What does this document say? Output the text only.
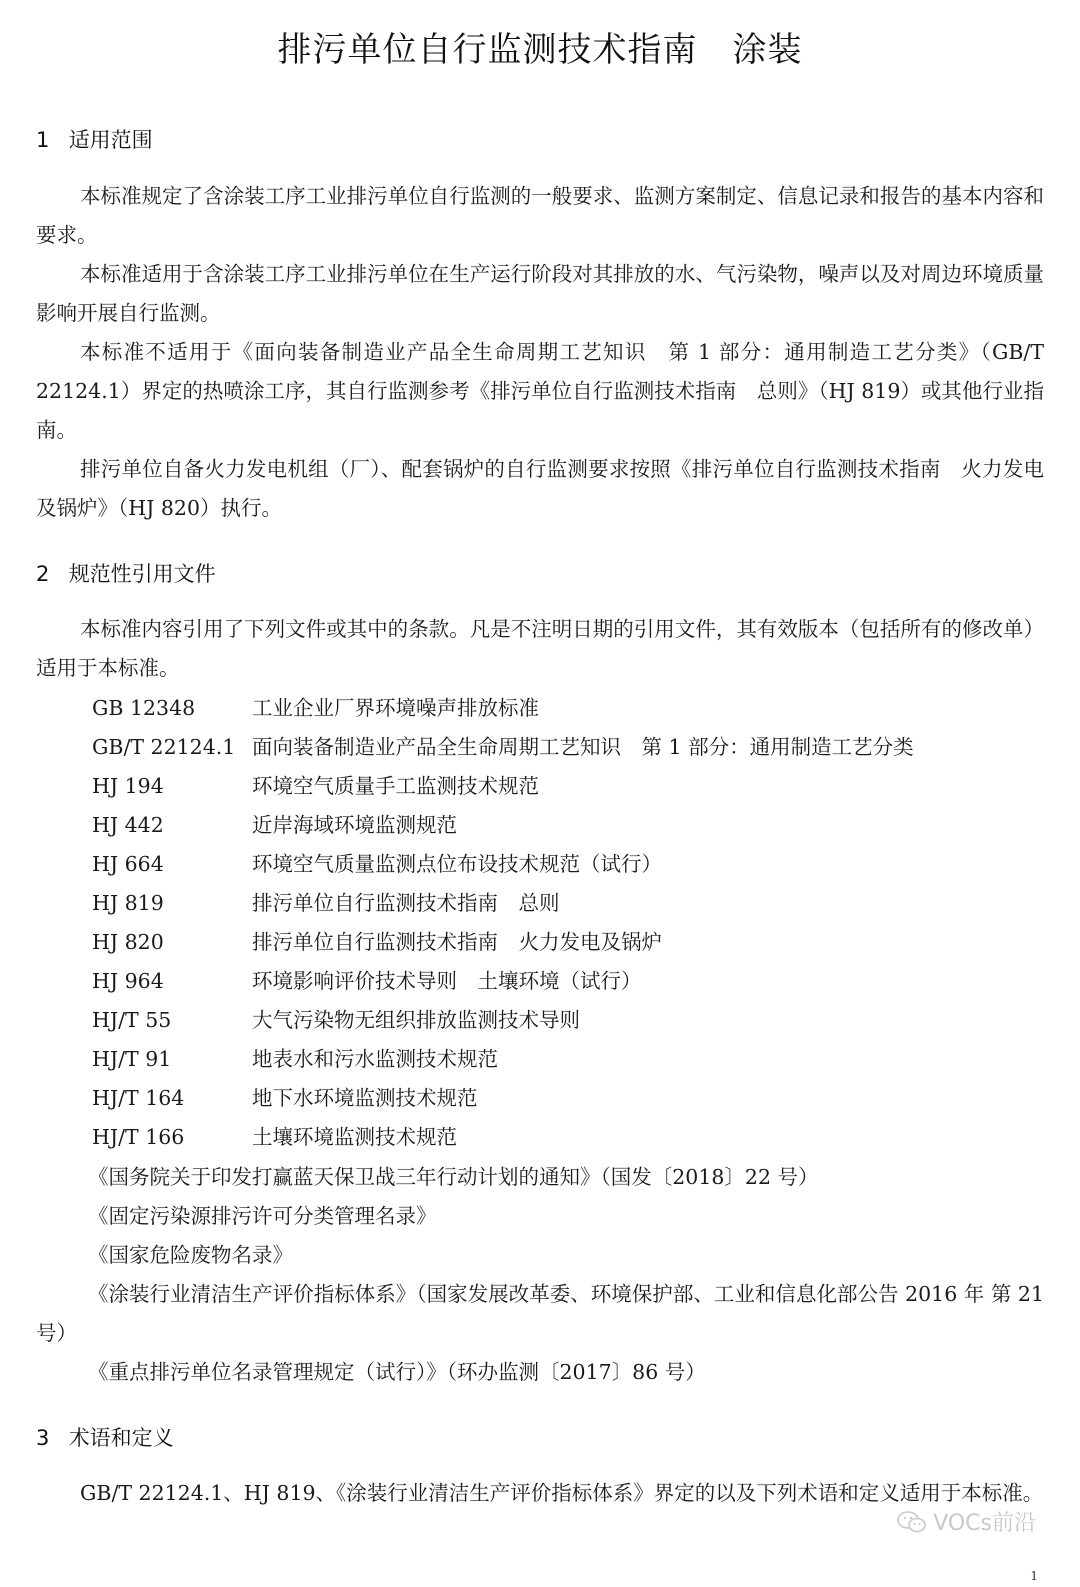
排污单位自行监测技术指南　涂装
1 适用范围

本标准规定了含涂装工序工业排污单位自行监测的一般要求、监测方案制定、信息记录和报告的基本内容和要求。

本标准适用于含涂装工序工业排污单位在生产运行阶段对其排放的水、气污染物，噪声以及对周边环境质量影响开展自行监测。

本标准不适用于《面向装备制造业产品全生命周期工艺知识　第 1 部分：通用制造工艺分类》（GB/T 22124.1）界定的热喷涂工序，其自行监测参考《排污单位自行监测技术指南　总则》（HJ 819）或其他行业指南。

排污单位自备火力发电机组（厂）、配套锅炉的自行监测要求按照《排污单位自行监测技术指南　火力发电及锅炉》（HJ 820）执行。

2 规范性引用文件

本标准内容引用了下列文件或其中的条款。凡是不注明日期的引用文件，其有效版本（包括所有的修改单）适用于本标准。

GB 12348	工业企业厂界环境噪声排放标准
GB/T 22124.1 面向装备制造业产品全生命周期工艺知识　第 1 部分：通用制造工艺分类
HJ 194	环境空气质量手工监测技术规范
HJ 442	近岸海域环境监测规范
HJ 664	环境空气质量监测点位布设技术规范（试行）
HJ 819	排污单位自行监测技术指南　总则
HJ 820	排污单位自行监测技术指南　火力发电及锅炉
HJ 964	环境影响评价技术导则　土壤环境（试行）
HJ/T 55	大气污染物无组织排放监测技术导则
HJ/T 91	地表水和污水监测技术规范
HJ/T 164	地下水环境监测技术规范
HJ/T 166	土壤环境监测技术规范

《国务院关于印发打赢蓝天保卫战三年行动计划的通知》（国发〔2018〕22 号）

《固定污染源排污许可分类管理名录》

《国家危险废物名录》

《涂装行业清洁生产评价指标体系》（国家发展改革委、环境保护部、工业和信息化部公告 2016 年 第 21 号）

《重点排污单位名录管理规定（试行）》（环办监测〔2017〕86 号）

3 术语和定义

GB/T 22124.1、HJ 819、《涂装行业清洁生产评价指标体系》界定的以及下列术语和定义适用于本标准。

VOCs前沿
1
